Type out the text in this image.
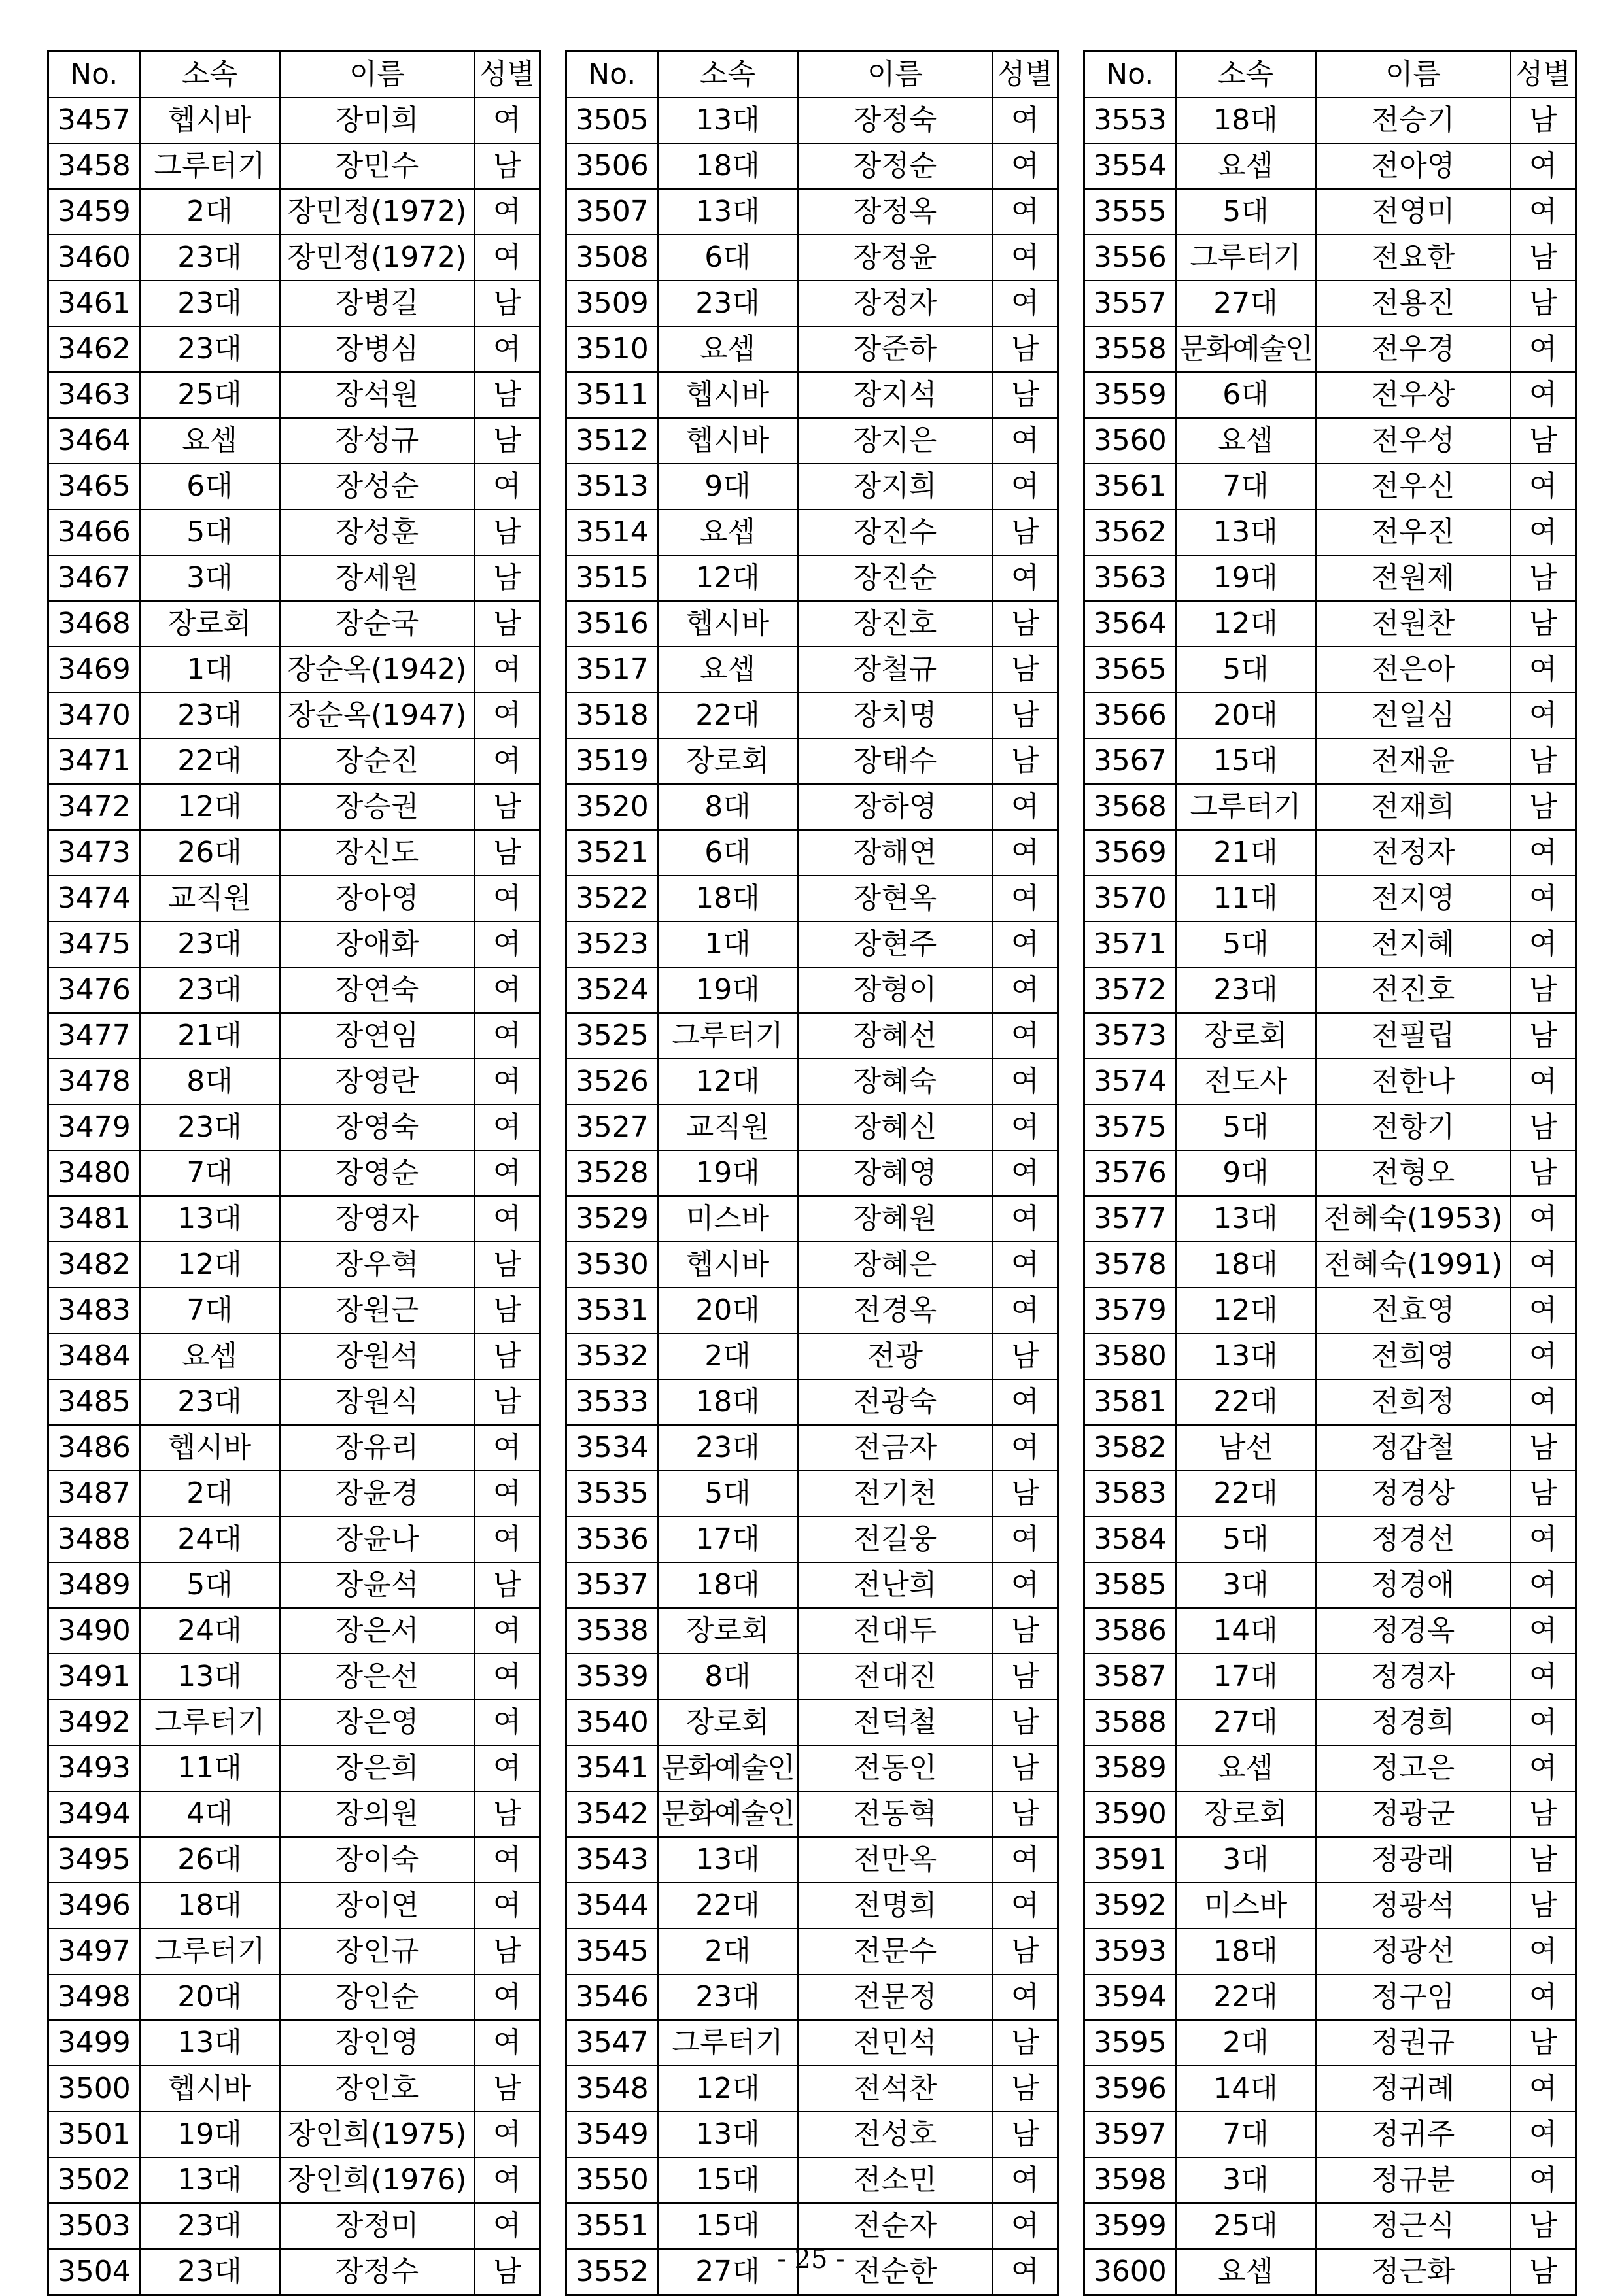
No.	소속	이름	성별
3457	헵시바	장미희	여
3458	그루터기	장민수	남
3459	2대	장민정(1972)	여
3460	23대	장민정(1972)	여
3461	23대	장병길	남
3462	23대	장병심	여
3463	25대	장석원	남
3464	요셉	장성규	남
3465	6대	장성순	여
3466	5대	장성훈	남
3467	3대	장세원	남
3468	장로회	장순국	남
3469	1대	장순옥(1942)	여
3470	23대	장순옥(1947)	여
3471	22대	장순진	여
3472	12대	장승권	남
3473	26대	장신도	남
3474	교직원	장아영	여
3475	23대	장애화	여
3476	23대	장연숙	여
3477	21대	장연임	여
3478	8대	장영란	여
3479	23대	장영숙	여
3480	7대	장영순	여
3481	13대	장영자	여
3482	12대	장우혁	남
3483	7대	장원근	남
3484	요셉	장원석	남
3485	23대	장원식	남
3486	헵시바	장유리	여
3487	2대	장윤경	여
3488	24대	장윤나	여
3489	5대	장윤석	남
3490	24대	장은서	여
3491	13대	장은선	여
3492	그루터기	장은영	여
3493	11대	장은희	여
3494	4대	장의원	남
3495	26대	장이숙	여
3496	18대	장이연	여
3497	그루터기	장인규	남
3498	20대	장인순	여
3499	13대	장인영	여
3500	헵시바	장인호	남
3501	19대	장인희(1975)	여
3502	13대	장인희(1976)	여
3503	23대	장정미	여
3504	23대	장정수	남
No.	소속	이름	성별
3505	13대	장정숙	여
3506	18대	장정순	여
3507	13대	장정옥	여
3508	6대	장정윤	여
3509	23대	장정자	여
3510	요셉	장준하	남
3511	헵시바	장지석	남
3512	헵시바	장지은	여
3513	9대	장지희	여
3514	요셉	장진수	남
3515	12대	장진순	여
3516	헵시바	장진호	남
3517	요셉	장철규	남
3518	22대	장치명	남
3519	장로회	장태수	남
3520	8대	장하영	여
3521	6대	장해연	여
3522	18대	장현옥	여
3523	1대	장현주	여
3524	19대	장형이	여
3525	그루터기	장혜선	여
3526	12대	장혜숙	여
3527	교직원	장혜신	여
3528	19대	장혜영	여
3529	미스바	장혜원	여
3530	헵시바	장혜은	여
3531	20대	전경옥	여
3532	2대	전광	남
3533	18대	전광숙	여
3534	23대	전금자	여
3535	5대	전기천	남
3536	17대	전길웅	여
3537	18대	전난희	여
3538	장로회	전대두	남
3539	8대	전대진	남
3540	장로회	전덕철	남
3541	문화예술인	전동인	남
3542	문화예술인	전동혁	남
3543	13대	전만옥	여
3544	22대	전명희	여
3545	2대	전문수	남
3546	23대	전문정	여
3547	그루터기	전민석	남
3548	12대	전석찬	남
3549	13대	전성호	남
3550	15대	전소민	여
3551	15대	전순자	여
3552	27대	전순한	여
No.	소속	이름	성별
3553	18대	전승기	남
3554	요셉	전아영	여
3555	5대	전영미	여
3556	그루터기	전요한	남
3557	27대	전용진	남
3558	문화예술인	전우경	여
3559	6대	전우상	여
3560	요셉	전우성	남
3561	7대	전우신	여
3562	13대	전우진	여
3563	19대	전원제	남
3564	12대	전원찬	남
3565	5대	전은아	여
3566	20대	전일심	여
3567	15대	전재윤	남
3568	그루터기	전재희	남
3569	21대	전정자	여
3570	11대	전지영	여
3571	5대	전지혜	여
3572	23대	전진호	남
3573	장로회	전필립	남
3574	전도사	전한나	여
3575	5대	전항기	남
3576	9대	전형오	남
3577	13대	전혜숙(1953)	여
3578	18대	전혜숙(1991)	여
3579	12대	전효영	여
3580	13대	전희영	여
3581	22대	전희정	여
3582	남선	정갑철	남
3583	22대	정경상	남
3584	5대	정경선	여
3585	3대	정경애	여
3586	14대	정경옥	여
3587	17대	정경자	여
3588	27대	정경희	여
3589	요셉	정고은	여
3590	장로회	정광군	남
3591	3대	정광래	남
3592	미스바	정광석	남
3593	18대	정광선	여
3594	22대	정구임	여
3595	2대	정권규	남
3596	14대	정귀례	여
3597	7대	정귀주	여
3598	3대	정규분	여
3599	25대	정근식	남
3600	요셉	정근화	남
- 25 -
